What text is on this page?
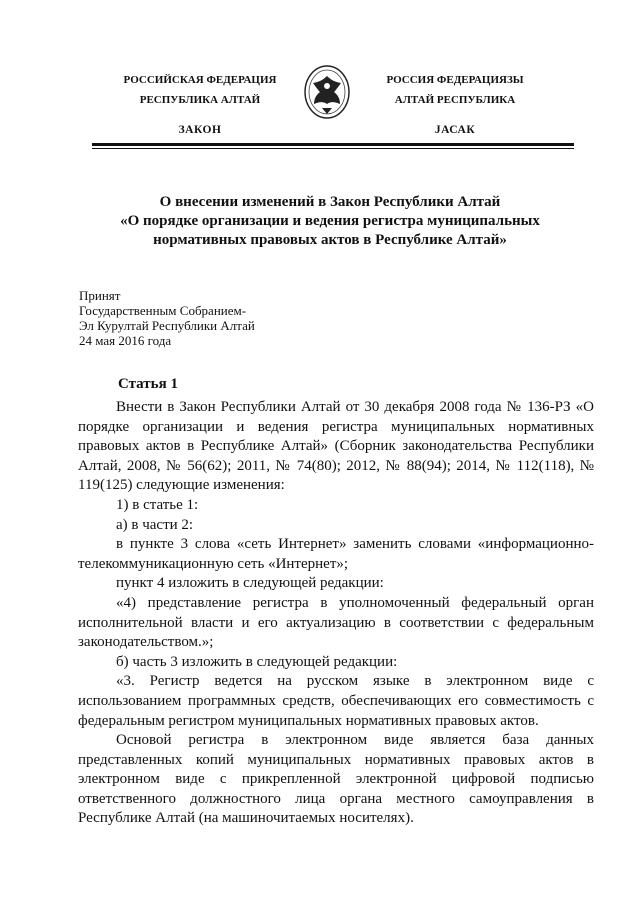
РОССИЙСКАЯ ФЕДЕРАЦИЯ
РЕСПУБЛИКА АЛТАЙ
ЗАКОН
РОССИЯ ФЕДЕРАЦИЯЗЫ
АЛТАЙ РЕСПУБЛИКА
ЈАСАК
О внесении изменений в Закон Республики Алтай
«О порядке организации и ведения регистра муниципальных
нормативных правовых актов в Республике Алтай»
Принят
Государственным Собранием-
Эл Курултай Республики Алтай
24 мая 2016 года
Статья 1

Внести в Закон Республики Алтай от 30 декабря 2008 года № 136-РЗ «О порядке организации и ведения регистра муниципальных нормативных правовых актов в Республике Алтай» (Сборник законодательства Республики Алтай, 2008, № 56(62); 2011, № 74(80); 2012, № 88(94); 2014, № 112(118), № 119(125) следующие изменения:

1) в статье 1:

а) в части 2:

в пункте 3 слова «сеть Интернет» заменить словами «информационно-телекоммуникационную сеть «Интернет»;

пункт 4 изложить в следующей редакции:

«4) представление регистра в уполномоченный федеральный орган исполнительной власти и его актуализацию в соответствии с федеральным законодательством.»;

б) часть 3 изложить в следующей редакции:

«3. Регистр ведется на русском языке в электронном виде с использованием программных средств, обеспечивающих его совместимость с федеральным регистром муниципальных нормативных правовых актов.

Основой регистра в электронном виде является база данных представленных копий муниципальных нормативных правовых актов в электронном виде с прикрепленной электронной цифровой подписью ответственного должностного лица органа местного самоуправления в Республике Алтай (на машиночитаемых носителях).
